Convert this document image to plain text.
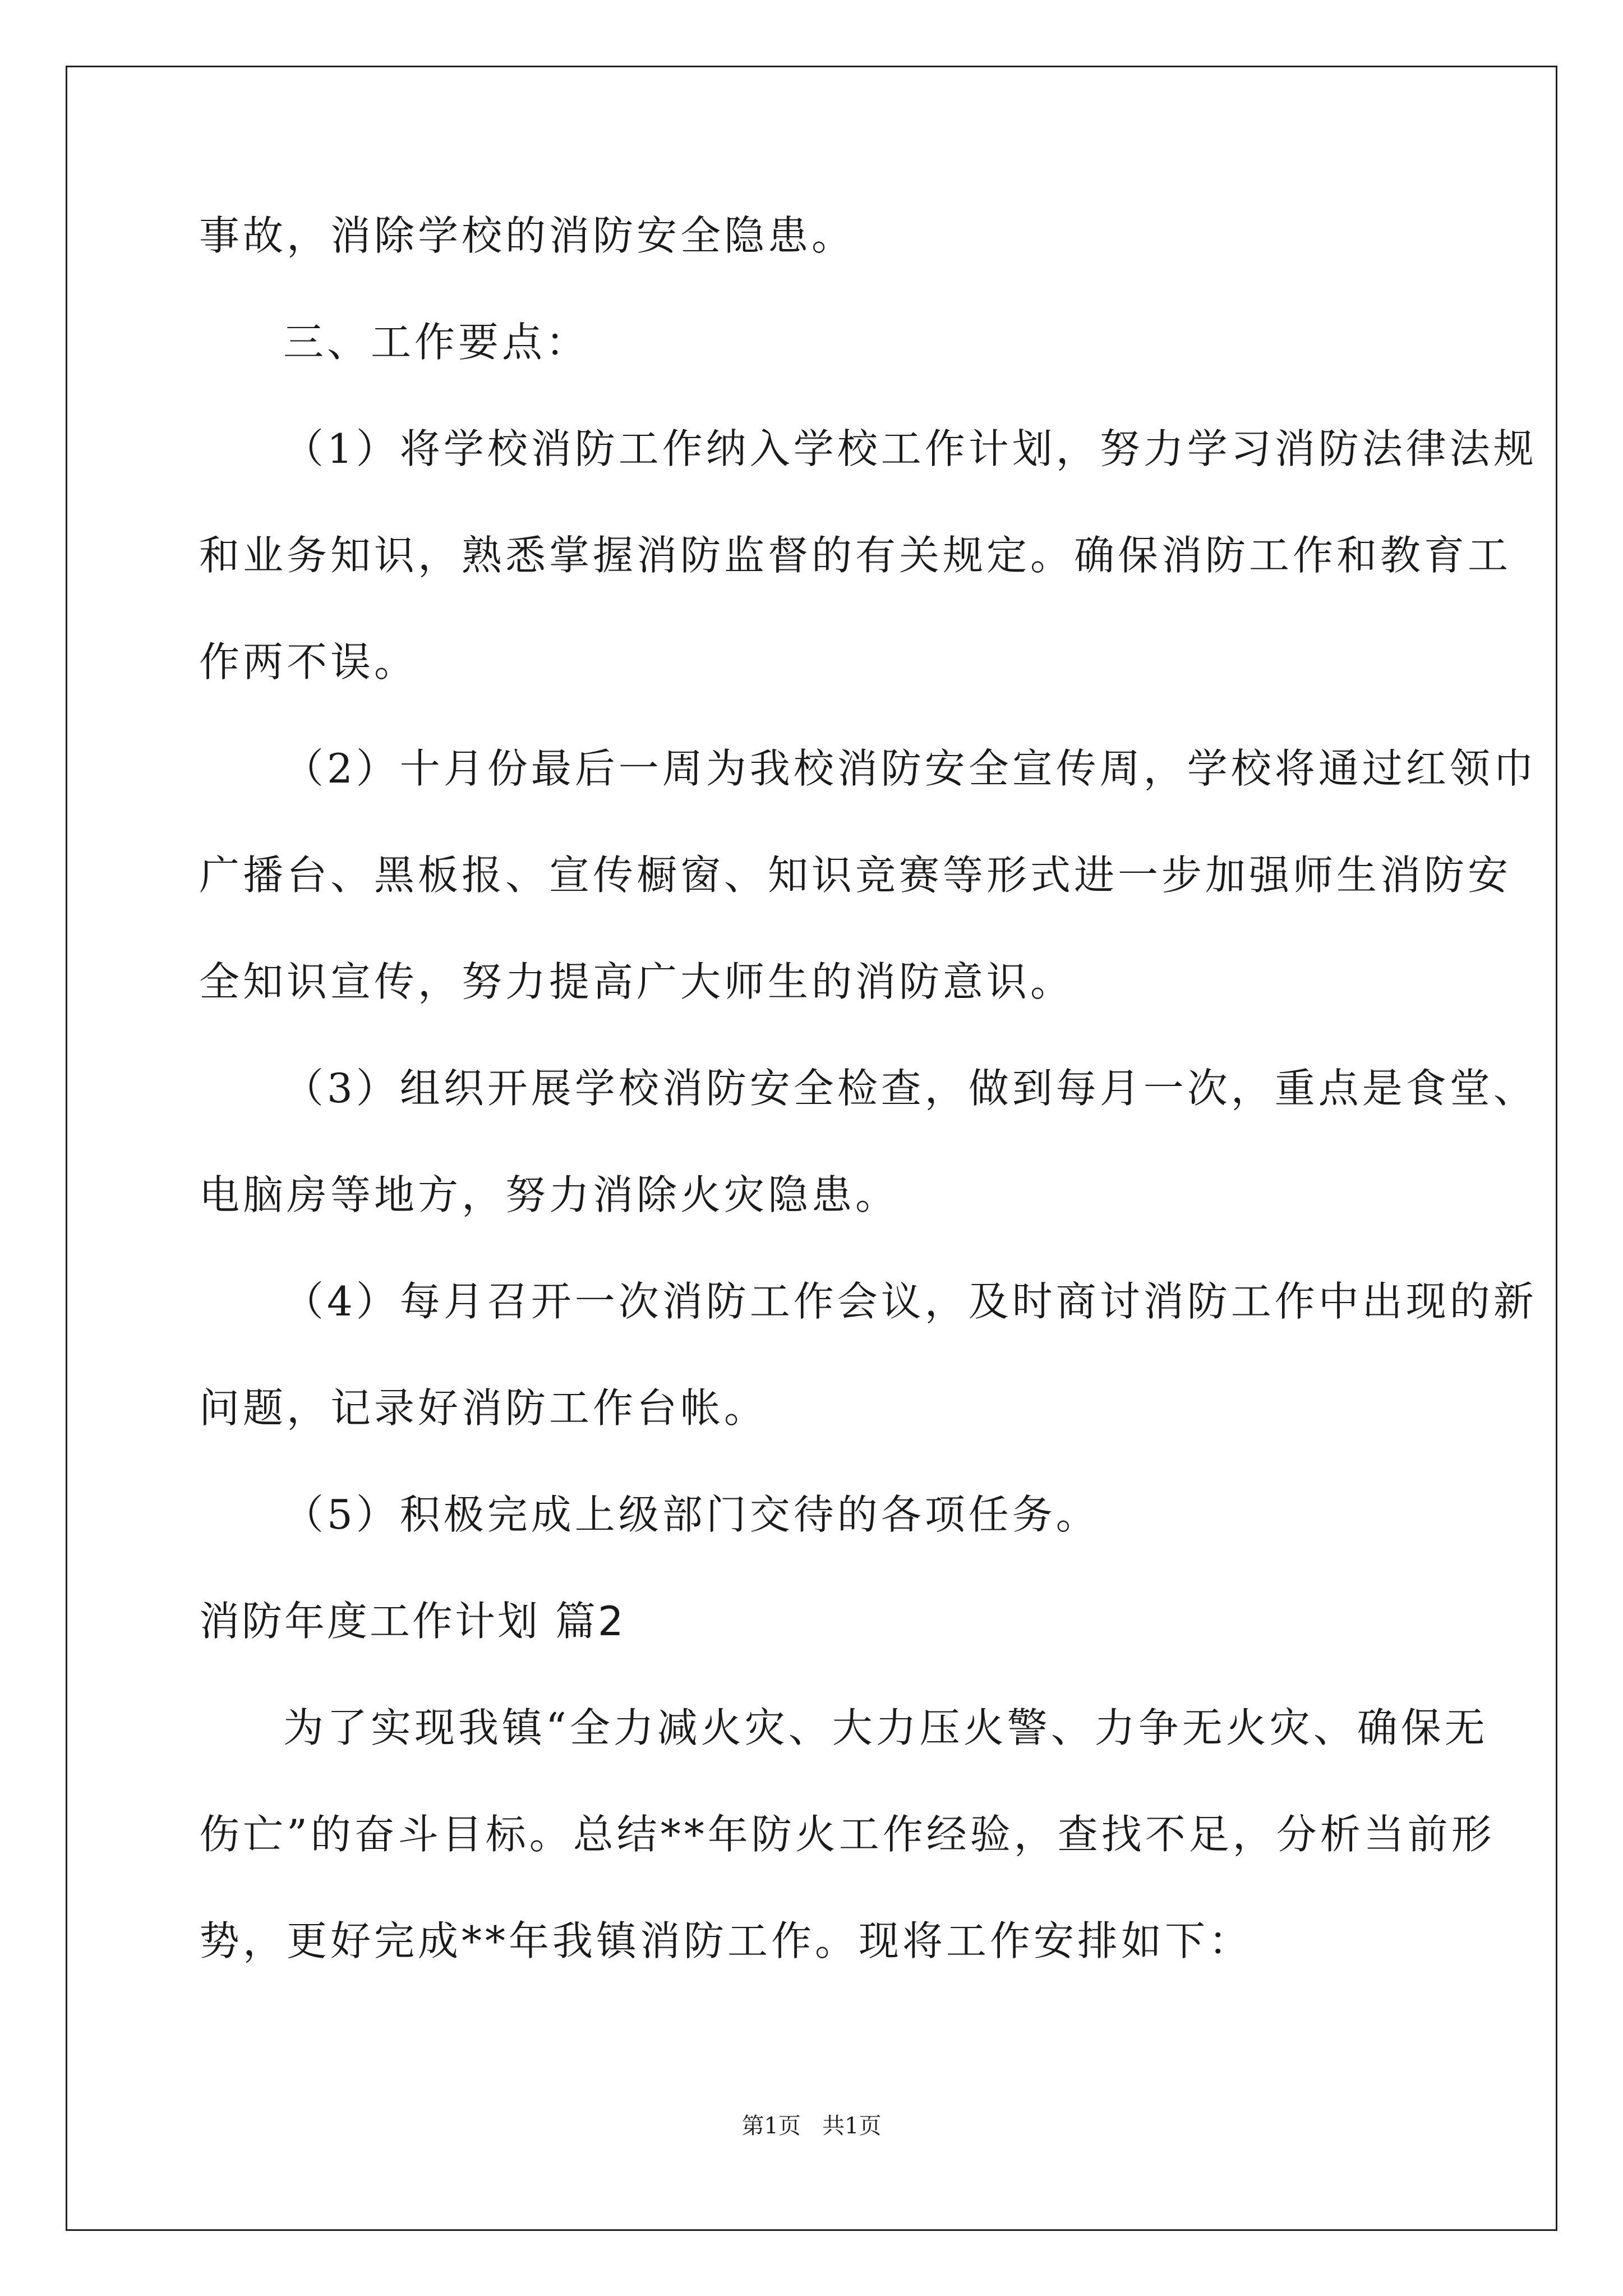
事故，消除学校的消防安全隐患。
三、工作要点：
（1）将学校消防工作纳入学校工作计划，努力学习消防法律法规
和业务知识，熟悉掌握消防监督的有关规定。确保消防工作和教育工
作两不误。
（2）十月份最后一周为我校消防安全宣传周，学校将通过红领巾
广播台、黑板报、宣传橱窗、知识竞赛等形式进一步加强师生消防安
全知识宣传，努力提高广大师生的消防意识。
（3）组织开展学校消防安全检查，做到每月一次，重点是食堂、
电脑房等地方，努力消除火灾隐患。
（4）每月召开一次消防工作会议，及时商讨消防工作中出现的新
问题，记录好消防工作台帐。
（5）积极完成上级部门交待的各项任务。
消防年度工作计划 篇2
为了实现我镇“全力减火灾、大力压火警、力争无火灾、确保无
伤亡”的奋斗目标。总结**年防火工作经验，查找不足，分析当前形
势，更好完成**年我镇消防工作。现将工作安排如下：
第1页   共1页
